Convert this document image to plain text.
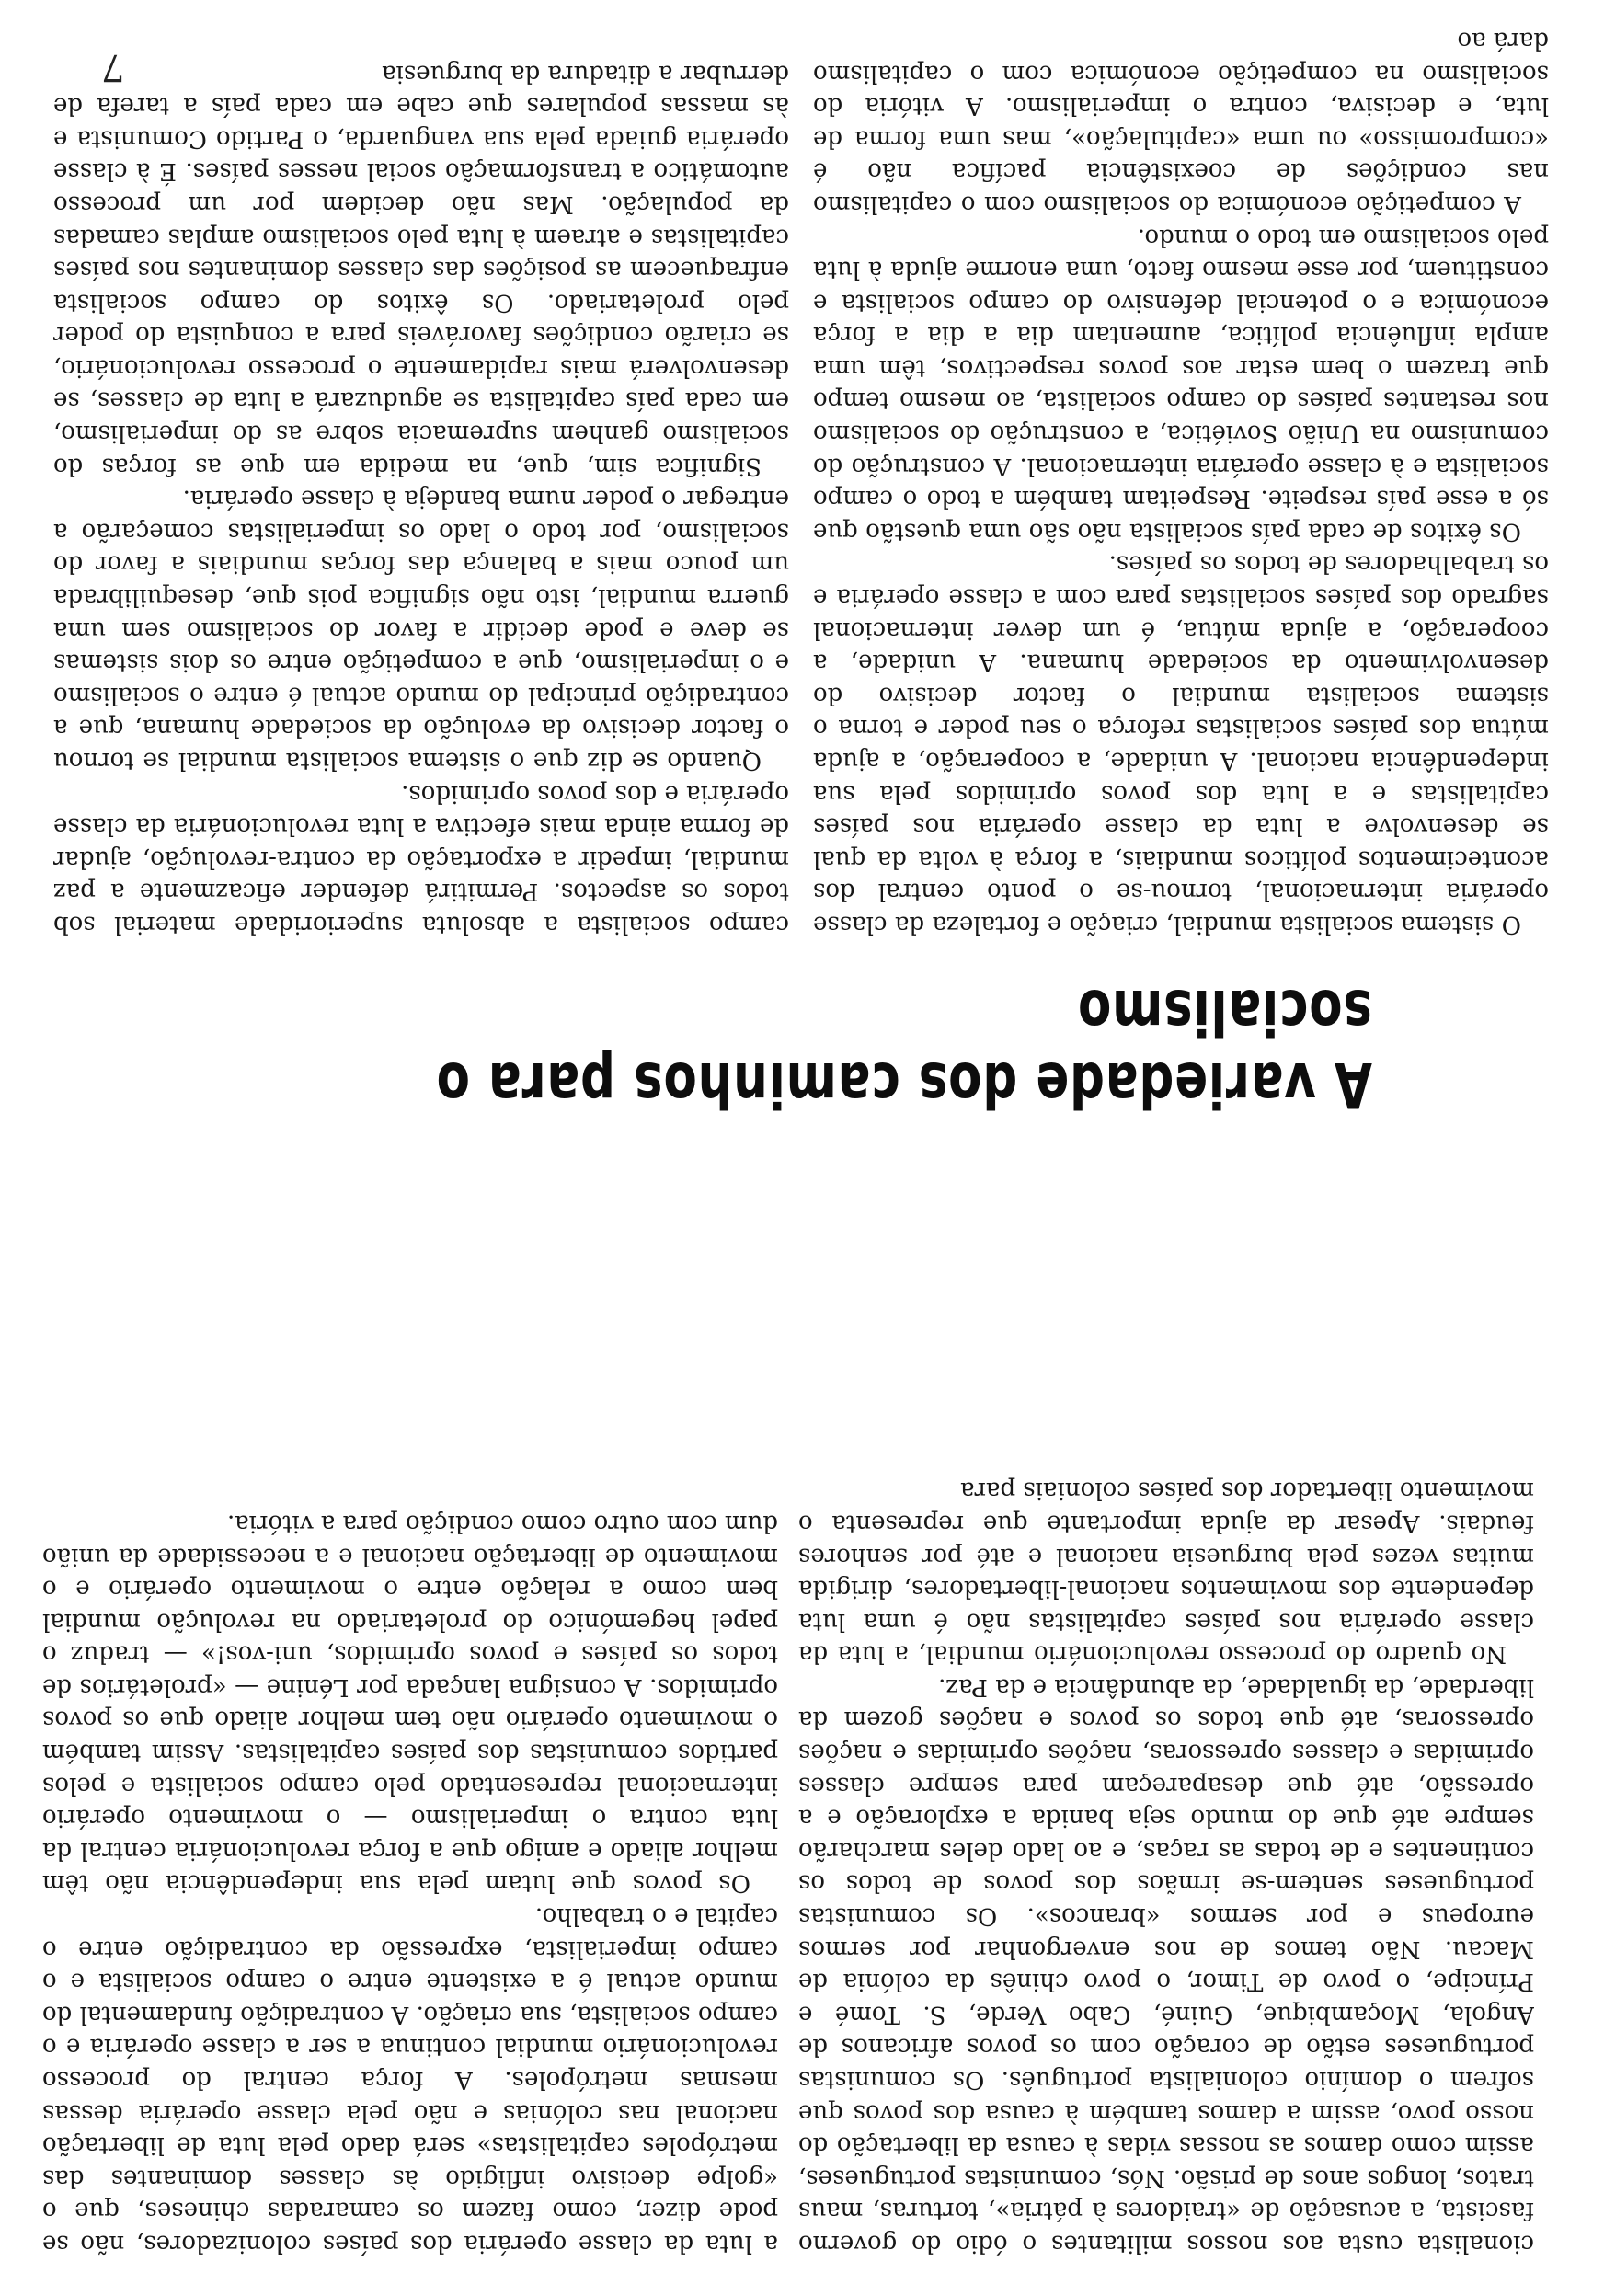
cionalista custa aos nossos militantes o ódio do governo fascista, a acusação de «traidores à pátria», torturas, maus tratos, longos anos de prisão. Nós, comunistas portugueses, assim como damos as nossas vidas à causa da libertação do nosso povo, assim a damos também à causa dos povos que sofrem o domínio colonialista português. Os comunistas portugueses estão de coração com os povos africanos de Angola, Moçambique, Guiné, Cabo Verde, S. Tomé e Príncipe, o povo de Timor, o povo chinês da colónia de Macau. Não temos de nos envergonhar por sermos europeus e por sermos «brancos». Os comunistas portugueses sentem-se irmãos dos povos de todos os continentes e de todas as raças, e ao lado deles marcharão sempre até que do mundo seja banida a exploração e a opressão, até que desapareçam para sempre classes oprimidas e classes opressoras, nações oprimidas e nações opressoras, até que todos os povos e nações gozem da liberdade, da igualdade, da abundância e da Paz.

No quadro do processo revolucionário mundial, a luta da classe operária nos países capitalistas não é uma luta dependente dos movimentos nacional-libertadores, dirigida muitas vezes pela burguesia nacional e até por senhores feudais. Apesar da ajuda importante que representa o movimento libertador dos países coloniais para

a luta da classe operária dos países colonizadores, não se pode dizer, como fazem os camaradas chineses, que o «golpe decisivo infligido às classes dominantes das metrópoles capitalistas» será dado pela luta de libertação nacional nas colónias e não pela classe operária dessas mesmas metrópoles. A força central do processo revolucionário mundial continua a ser a classe operária e o campo socialista, sua criação. A contradição fundamental do mundo actual é a existente entre o campo socialista e o campo imperialista, expressão da contradição entre o capital e o trabalho.

Os povos que lutam pela sua independência não têm melhor aliado e amigo que a força revolucionária central da luta contra o imperialismo — o movimento operário internacional representado pelo campo socialista e pelos partidos comunistas dos países capitalistas. Assim também o movimento operário não tem melhor aliado que os povos oprimidos. A consigna lançada por Lénine — «proletários de todos os países e povos oprimidos, uni-vos!» — traduz o papel hegemónico do proletariado na revolução mundial bem como a relação entre o movimento operário e o movimento de libertação nacional e a necessidade da união dum com outro como condição para a vitória.

A variedade dos caminhos para o socialismo

O sistema socialista mundial, criação e fortaleza da classe operária internacional, tornou-se o ponto central dos acontecimentos políticos mundiais, a força à volta da qual se desenvolve a luta da classe operária nos países capitalistas e a luta dos povos oprimidos pela sua independência nacional. A unidade, a cooperação, a ajuda mútua dos países socialistas reforça o seu poder e torna o sistema socialista mundial o factor decisivo do desenvolvimento da sociedade humana. A unidade, a cooperação, a ajuda mútua, é um dever internacional sagrado dos países socialistas para com a classe operária e os trabalhadores de todos os países.

Os êxitos de cada país socialista não são uma questão que só a esse país respeite. Respeitam também a todo o campo socialista e à classe operária internacional. A construção do comunismo na União Soviética, a construção do socialismo nos restantes países do campo socialista, ao mesmo tempo que trazem o bem estar aos povos respectivos, têm uma ampla influência política, aumentam dia a dia a força económica e o potencial defensivo do campo socialista e constituem, por esse mesmo facto, uma enorme ajuda à luta pelo socialismo em todo o mundo.

A competição económica do socialismo com o capitalismo nas condições de coexistência pacífica não é «compromisso» ou uma «capitulação», mas uma forma de luta, e decisiva, contra o imperialismo. A vitória do socialismo na competição económica com o capitalismo dará ao

campo socialista a absoluta superioridade material sob todos os aspectos. Permitirá defender eficazmente a paz mundial, impedir a exportação da contra-revolução, ajudar de forma ainda mais efectiva a luta revolucionária da classe operária e dos povos oprimidos.

Quando se diz que o sistema socialista mundial se tornou o factor decisivo da evolução da sociedade humana, que a contradição principal do mundo actual é entre o socialismo e o imperialismo, que a competição entre os dois sistemas se deve e pode decidir a favor do socialismo sem uma guerra mundial, isto não significa pois que, desequilibrada um pouco mais a balança das forças mundiais a favor do socialismo, por todo o lado os imperialistas começarão a entregar o poder numa bandeja à classe operária.

Significa sim, que, na medida em que as forças do socialismo ganhem supremacia sobre as do imperialismo, em cada país capitalista se aguduzará a luta de classes, se desenvolverá mais rapidamente o processo revolucionário, se criarão condições favoráveis para a conquista do poder pelo proletariado. Os êxitos do campo socialista enfraquecem as posições das classes dominantes nos países capitalistas e atraem à luta pelo socialismo amplas camadas da população. Mas não decidem por um processo automático a transformação social nesses países. É à classe operária guiada pela sua vanguarda, o Partido Comunista e às massas populares que cabe em cada país a tarefa de derrubar a ditadura da burguesia

7
